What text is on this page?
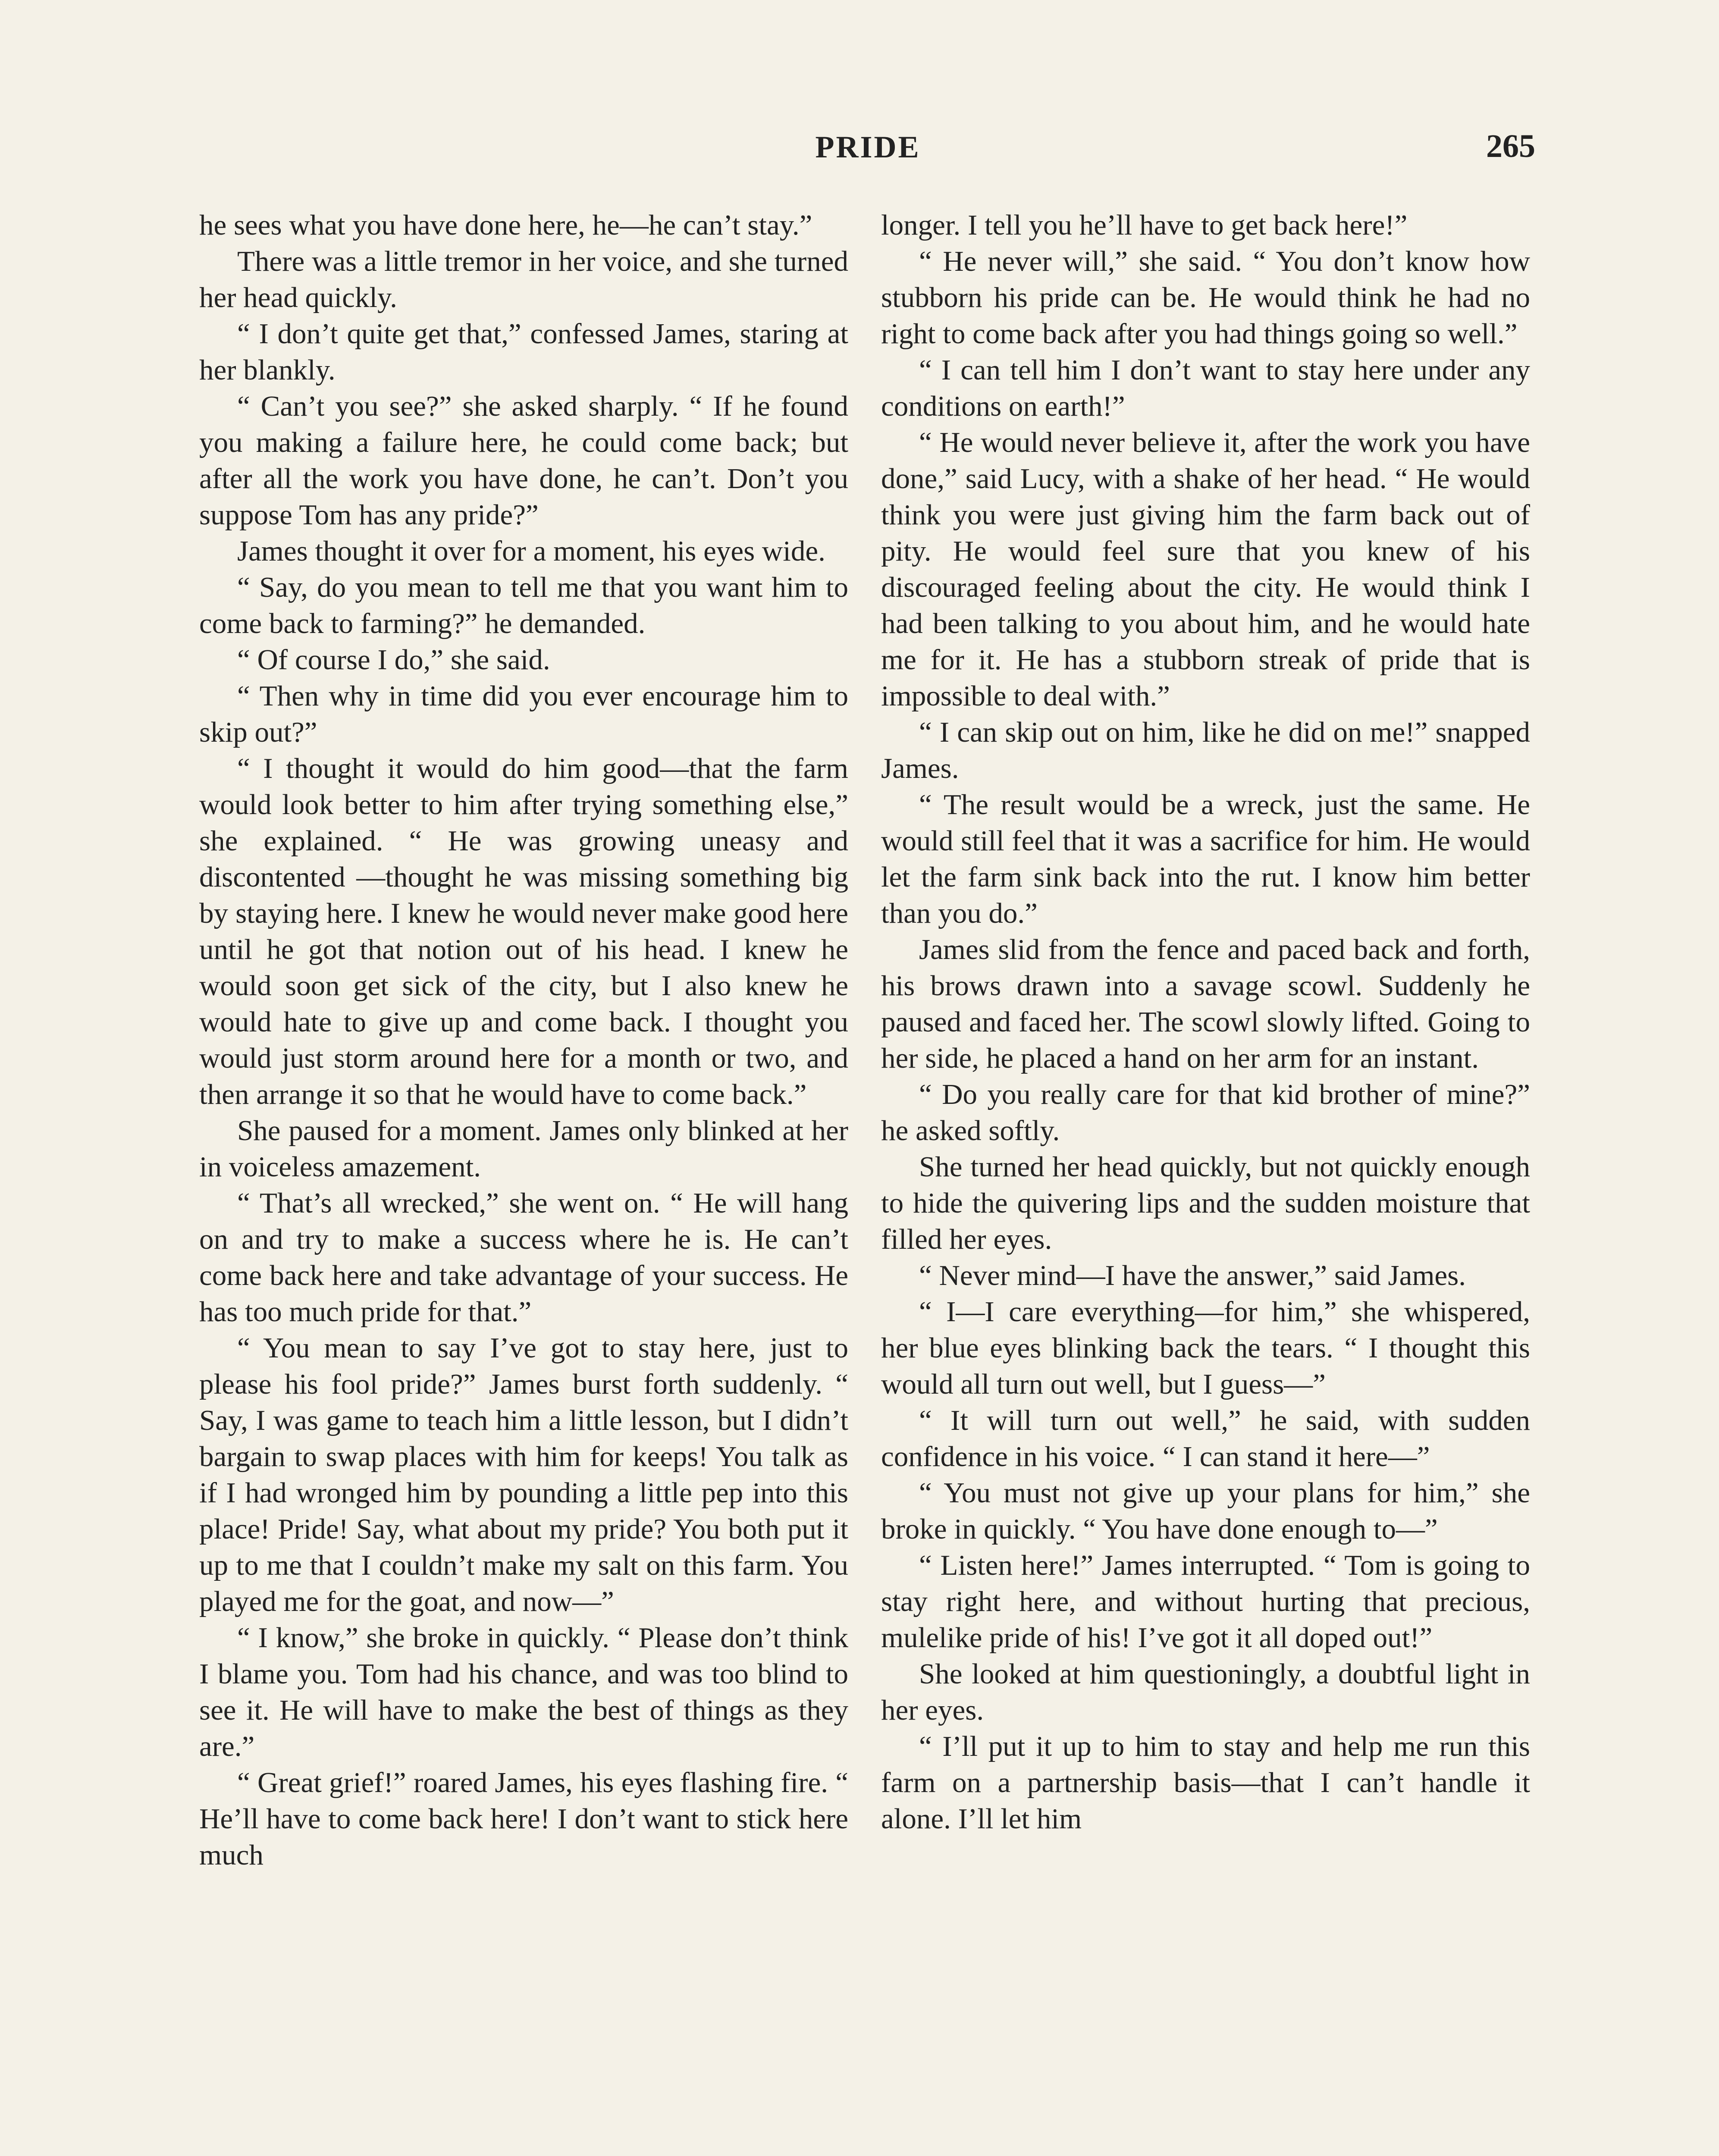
PRIDE	265

he sees what you have done here, he—he can’t stay.”

There was a little tremor in her voice, and she turned her head quickly.

“ I don’t quite get that,” confessed James, staring at her blankly.

“ Can’t you see?” she asked sharply. “ If he found you making a failure here, he could come back; but after all the work you have done, he can’t. Don’t you suppose Tom has any pride?”

James thought it over for a moment, his eyes wide.

“ Say, do you mean to tell me that you want him to come back to farming?” he demanded.

“ Of course I do,” she said.

“ Then why in time did you ever encourage him to skip out?”

“ I thought it would do him good—that the farm would look better to him after trying something else,” she explained. “ He was growing uneasy and discontented —thought he was missing something big by staying here. I knew he would never make good here until he got that notion out of his head. I knew he would soon get sick of the city, but I also knew he would hate to give up and come back. I thought you would just storm around here for a month or two, and then arrange it so that he would have to come back.”

She paused for a moment. James only blinked at her in voiceless amazement.

“ That’s all wrecked,” she went on. “ He will hang on and try to make a success where he is. He can’t come back here and take advantage of your success. He has too much pride for that.”

“ You mean to say I’ve got to stay here, just to please his fool pride?” James burst forth suddenly. “ Say, I was game to teach him a little lesson, but I didn’t bargain to swap places with him for keeps! You talk as if I had wronged him by pounding a little pep into this place! Pride! Say, what about my pride? You both put it up to me that I couldn’t make my salt on this farm. You played me for the goat, and now—”

“ I know,” she broke in quickly. “ Please don’t think I blame you. Tom had his chance, and was too blind to see it. He will have to make the best of things as they are.”

“ Great grief!” roared James, his eyes flashing fire. “ He’ll have to come back here! I don’t want to stick here much

longer. I tell you he’ll have to get back here!”

“ He never will,” she said. “ You don’t know how stubborn his pride can be. He would think he had no right to come back after you had things going so well.”

“ I can tell him I don’t want to stay here under any conditions on earth!”

“ He would never believe it, after the work you have done,” said Lucy, with a shake of her head. “ He would think you were just giving him the farm back out of pity. He would feel sure that you knew of his discouraged feeling about the city. He would think I had been talking to you about him, and he would hate me for it. He has a stubborn streak of pride that is impossible to deal with.”

“ I can skip out on him, like he did on me!” snapped James.

“ The result would be a wreck, just the same. He would still feel that it was a sacrifice for him. He would let the farm sink back into the rut. I know him better than you do.”

James slid from the fence and paced back and forth, his brows drawn into a savage scowl. Suddenly he paused and faced her. The scowl slowly lifted. Going to her side, he placed a hand on her arm for an instant.

“ Do you really care for that kid brother of mine?” he asked softly.

She turned her head quickly, but not quickly enough to hide the quivering lips and the sudden moisture that filled her eyes.

“ Never mind—I have the answer,” said James.

“ I—I care everything—for him,” she whispered, her blue eyes blinking back the tears. “ I thought this would all turn out well, but I guess—”

“ It will turn out well,” he said, with sudden confidence in his voice. “ I can stand it here—”

“ You must not give up your plans for him,” she broke in quickly. “ You have done enough to—”

“ Listen here!” James interrupted. “ Tom is going to stay right here, and without hurting that precious, mulelike pride of his! I’ve got it all doped out!”

She looked at him questioningly, a doubtful light in her eyes.

“ I’ll put it up to him to stay and help me run this farm on a partnership basis—that I can’t handle it alone. I’ll let him
